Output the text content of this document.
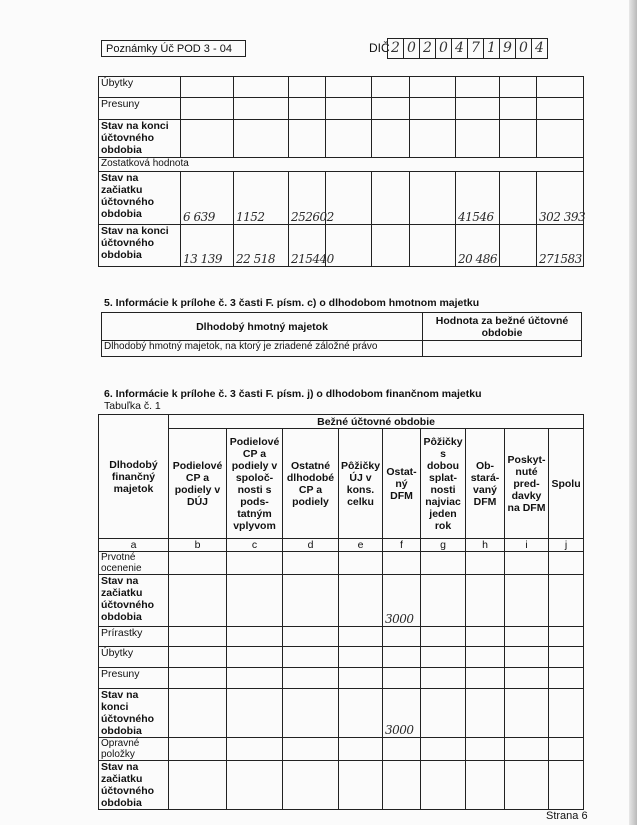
Poznámky Úč POD 3 - 04	DIČ 2 0 2 0 4 7 1 9 0 4
Úbytky									
Presuny									
Stav na konci účtovného obdobia									
Zostatková hodnota									
Stav na začiatku účtovného obdobia	6 639	1152	252602				41546		302 393
Stav na konci účtovného obdobia	13 139	22 518	215440				20 486		271583
5. Informácie k prílohe č. 3 časti F. písm. c) o dlhodobom hmotnom majetku
Dlhodobý hmotný majetok	Hodnota za bežné účtovné obdobie
Dlhodobý hmotný majetok, na ktorý je zriadené záložné právo	
6. Informácie k prílohe č. 3 časti F. písm. j) o dlhodobom finančnom majetku
Tabuľka č. 1
Dlhodobý finančný majetok	Bežné účtovné obdobie								
	Podielové CP a podiely v DÚJ	Podielové CP a podiely v spoloč-nosti s pods-tatným vplyvom	Ostatné dlhodobé CP a podiely	Pôžičky ÚJ v kons. celku	Ostat-ný DFM	Pôžičky s dobou splat-nosti najviac jeden rok	Ob-stará-vaný DFM	Poskyt-nuté pred-davky na DFM	Spolu
a	b	c	d	e	f	g	h	i	j
Prvotné ocenenie									
Stav na začiatku účtovného obdobia					3000				
Prírastky									
Úbytky									
Presuny									
Stav na konci účtovného obdobia					3000				
Opravné položky									
Stav na začiatku účtovného obdobia									
Strana 6
